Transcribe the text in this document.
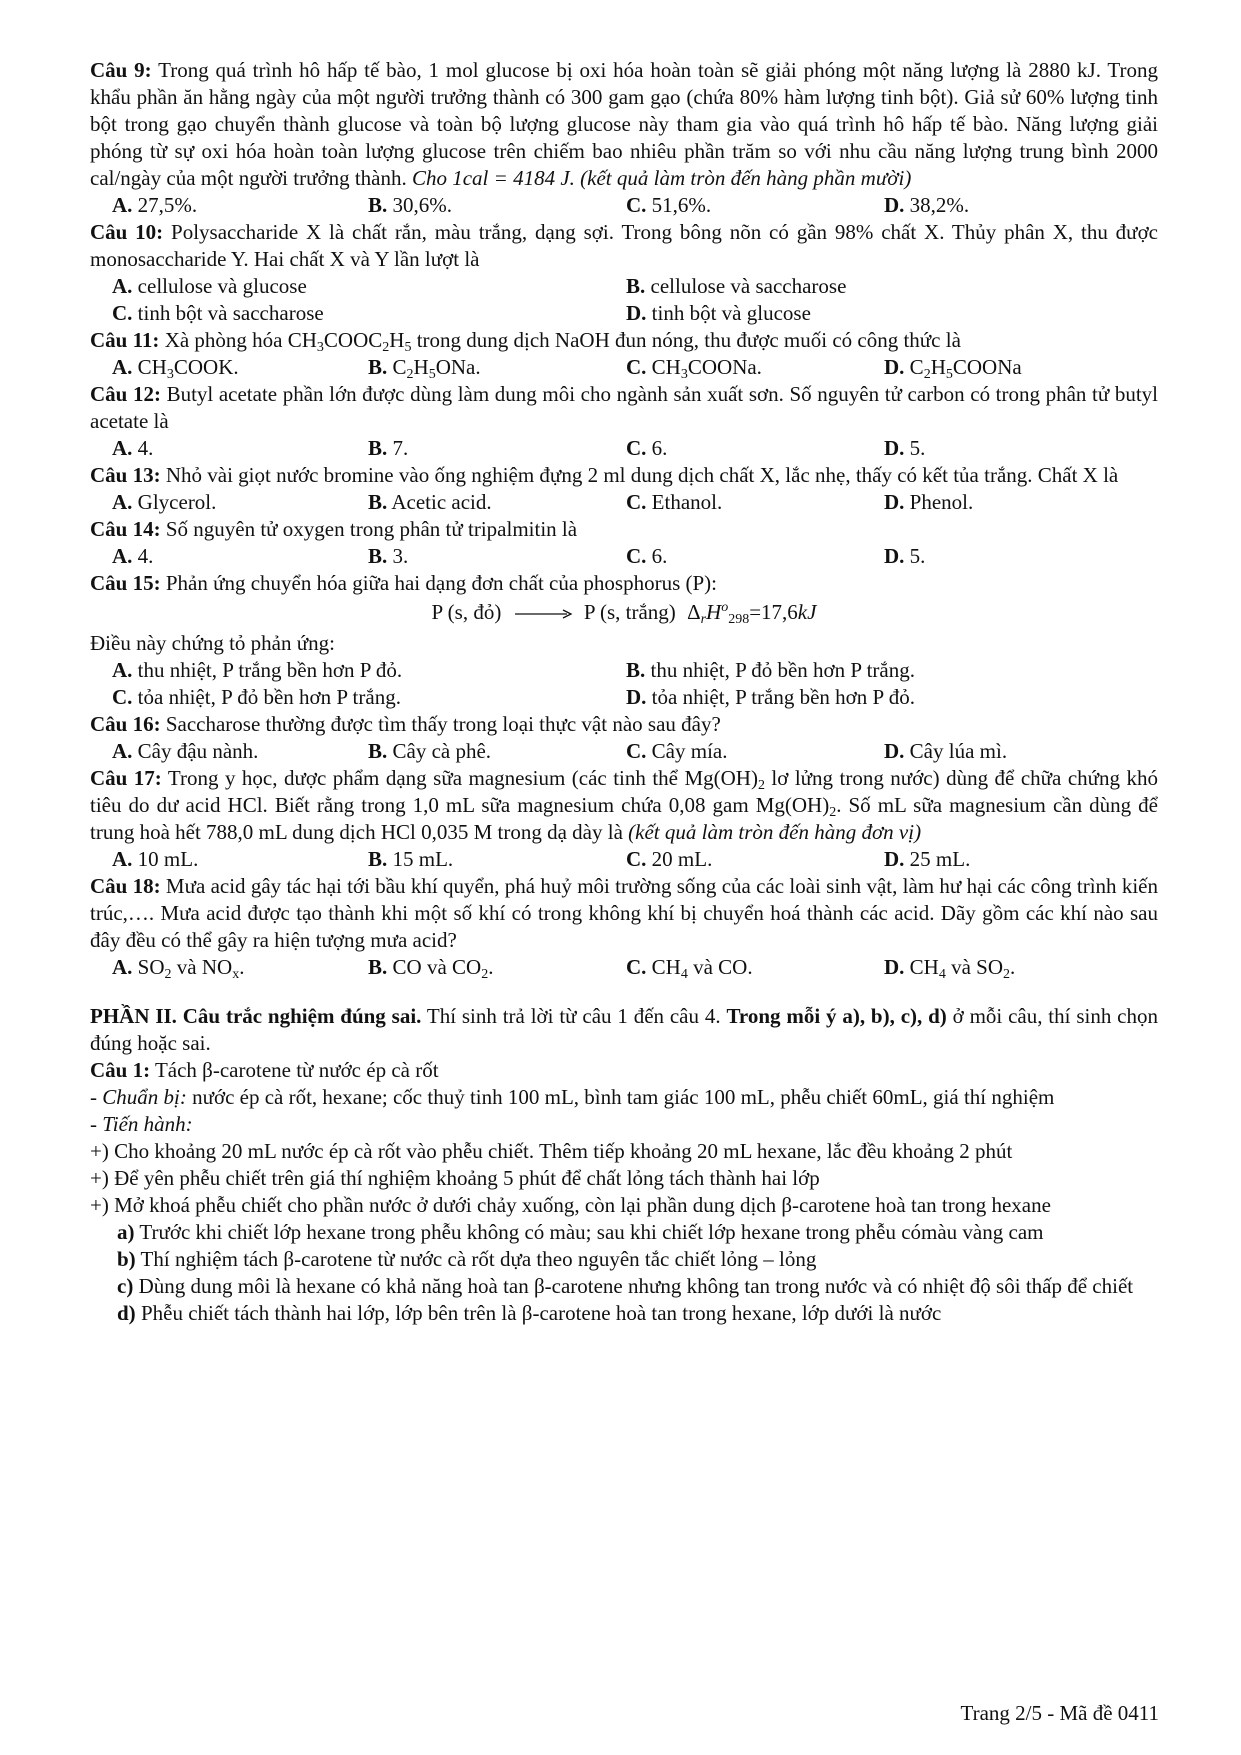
Câu 9: Trong quá trình hô hấp tế bào, 1 mol glucose bị oxi hóa hoàn toàn sẽ giải phóng một năng lượng là 2880 kJ. Trong khẩu phần ăn hằng ngày của một người trưởng thành có 300 gam gạo (chứa 80% hàm lượng tinh bột). Giả sử 60% lượng tinh bột trong gạo chuyển thành glucose và toàn bộ lượng glucose này tham gia vào quá trình hô hấp tế bào. Năng lượng giải phóng từ sự oxi hóa hoàn toàn lượng glucose trên chiếm bao nhiêu phần trăm so với nhu cầu năng lượng trung bình 2000 cal/ngày của một người trưởng thành. Cho 1cal = 4184 J. (kết quả làm tròn đến hàng phần mười)

A. 27,5%.	B. 30,6%.	C. 51,6%.	D. 38,2%.

Câu 10: Polysaccharide X là chất rắn, màu trắng, dạng sợi. Trong bông nõn có gần 98% chất X. Thủy phân X, thu được monosaccharide Y. Hai chất X và Y lần lượt là

A. cellulose và glucose	B. cellulose và saccharose
C. tinh bột và saccharose	D. tinh bột và glucose

Câu 11: Xà phòng hóa $CH_3COOC_2H_5$ trong dung dịch NaOH đun nóng, thu được muối có công thức là

A. $CH_3COOK$.	B. $C_2H_5ONa$.	C. $CH_3COONa$.	D. $C_2H_5COONa$

Câu 12: Butyl acetate phần lớn được dùng làm dung môi cho ngành sản xuất sơn. Số nguyên tử carbon có trong phân tử butyl acetate là

A. 4.	B. 7.	C. 6.	D. 5.

Câu 13: Nhỏ vài giọt nước bromine vào ống nghiệm đựng 2 ml dung dịch chất X, lắc nhẹ, thấy có kết tủa trắng. Chất X là

A. Glycerol.	B. Acetic acid.	C. Ethanol.	D. Phenol.

Câu 14: Số nguyên tử oxygen trong phân tử tripalmitin là

A. 4.	B. 3.	C. 6.	D. 5.

Câu 15: Phản ứng chuyển hóa giữa hai dạng đơn chất của phosphorus (P):

P (s, đỏ) → P (s, trắng) $\Delta_rH^o_{298}=17,6kJ$

Điều này chứng tỏ phản ứng:

A. thu nhiệt, P trắng bền hơn P đỏ.	B. thu nhiệt, P đỏ bền hơn P trắng.
C. tỏa nhiệt, P đỏ bền hơn P trắng.	D. tỏa nhiệt, P trắng bền hơn P đỏ.

Câu 16: Saccharose thường được tìm thấy trong loại thực vật nào sau đây?

A. Cây đậu nành.	B. Cây cà phê.	C. Cây mía.	D. Cây lúa mì.

Câu 17: Trong y học, dược phẩm dạng sữa magnesium (các tinh thể $Mg(OH)_2$ lơ lửng trong nước) dùng để chữa chứng khó tiêu do dư acid HCl. Biết rằng trong 1,0 mL sữa magnesium chứa 0,08 gam $Mg(OH)_2$. Số mL sữa magnesium cần dùng để trung hoà hết 788,0 mL dung dịch HCl 0,035 M trong dạ dày là (kết quả làm tròn đến hàng đơn vị)

A. 10 mL.	B. 15 mL.	C. 20 mL.	D. 25 mL.

Câu 18: Mưa acid gây tác hại tới bầu khí quyển, phá huỷ môi trường sống của các loài sinh vật, làm hư hại các công trình kiến trúc,…. Mưa acid được tạo thành khi một số khí có trong không khí bị chuyển hoá thành các acid. Dãy gồm các khí nào sau đây đều có thể gây ra hiện tượng mưa acid?

A. $SO_2$ và $NO_x$.	B. CO và $CO_2$.	C. $CH_4$ và CO.	D. $CH_4$ và $SO_2$.

PHẦN II. Câu trắc nghiệm đúng sai. Thí sinh trả lời từ câu 1 đến câu 4. Trong mỗi ý a), b), c), d) ở mỗi câu, thí sinh chọn đúng hoặc sai.

Câu 1: Tách β-carotene từ nước ép cà rốt

- Chuẩn bị: nước ép cà rốt, hexane; cốc thuỷ tinh 100 mL, bình tam giác 100 mL, phễu chiết 60mL, giá thí nghiệm

- Tiến hành:

+) Cho khoảng 20 mL nước ép cà rốt vào phễu chiết. Thêm tiếp khoảng 20 mL hexane, lắc đều khoảng 2 phút

+) Để yên phễu chiết trên giá thí nghiệm khoảng 5 phút để chất lỏng tách thành hai lớp

+) Mở khoá phễu chiết cho phần nước ở dưới chảy xuống, còn lại phần dung dịch β-carotene hoà tan trong hexane

a) Trước khi chiết lớp hexane trong phễu không có màu; sau khi chiết lớp hexane trong phễu cómàu vàng cam

b) Thí nghiệm tách β-carotene từ nước cà rốt dựa theo nguyên tắc chiết lỏng – lỏng

c) Dùng dung môi là hexane có khả năng hoà tan β-carotene nhưng không tan trong nước và có nhiệt độ sôi thấp để chiết

d) Phễu chiết tách thành hai lớp, lớp bên trên là β-carotene hoà tan trong hexane, lớp dưới là nước

Trang 2/5 - Mã đề 0411
